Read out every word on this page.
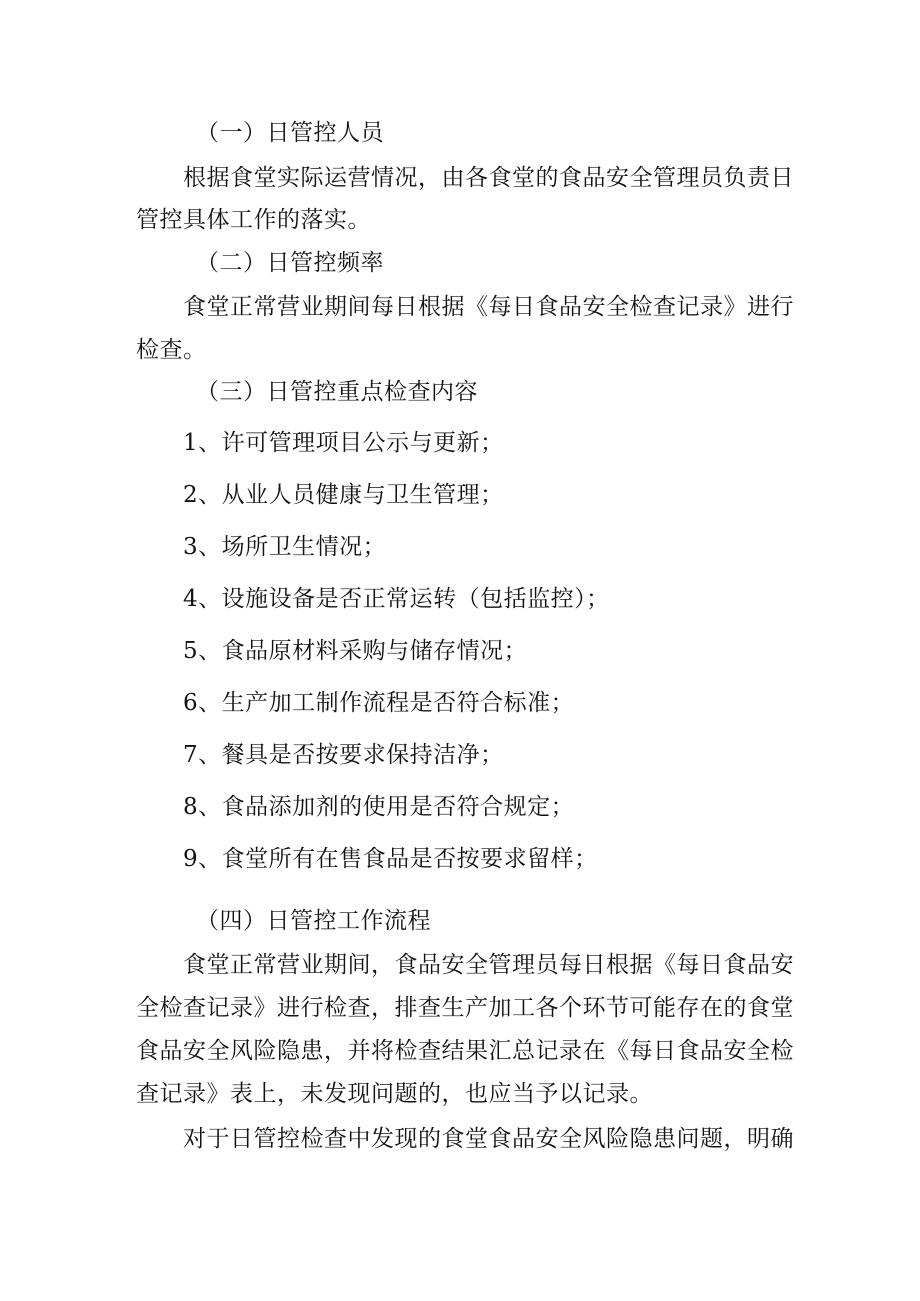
（一）日管控人员
根据食堂实际运营情况，由各食堂的食品安全管理员负责日
管控具体工作的落实。
（二）日管控频率
食堂正常营业期间每日根据《每日食品安全检查记录》进行
检查。
（三）日管控重点检查内容
1、许可管理项目公示与更新；
2、从业人员健康与卫生管理；
3、场所卫生情况；
4、设施设备是否正常运转（包括监控）；
5、食品原材料采购与储存情况；
6、生产加工制作流程是否符合标准；
7、餐具是否按要求保持洁净；
8、食品添加剂的使用是否符合规定；
9、食堂所有在售食品是否按要求留样；
（四）日管控工作流程
食堂正常营业期间，食品安全管理员每日根据《每日食品安
全检查记录》进行检查，排查生产加工各个环节可能存在的食堂
食品安全风险隐患，并将检查结果汇总记录在《每日食品安全检
查记录》表上，未发现问题的，也应当予以记录。
对于日管控检查中发现的食堂食品安全风险隐患问题，明确
